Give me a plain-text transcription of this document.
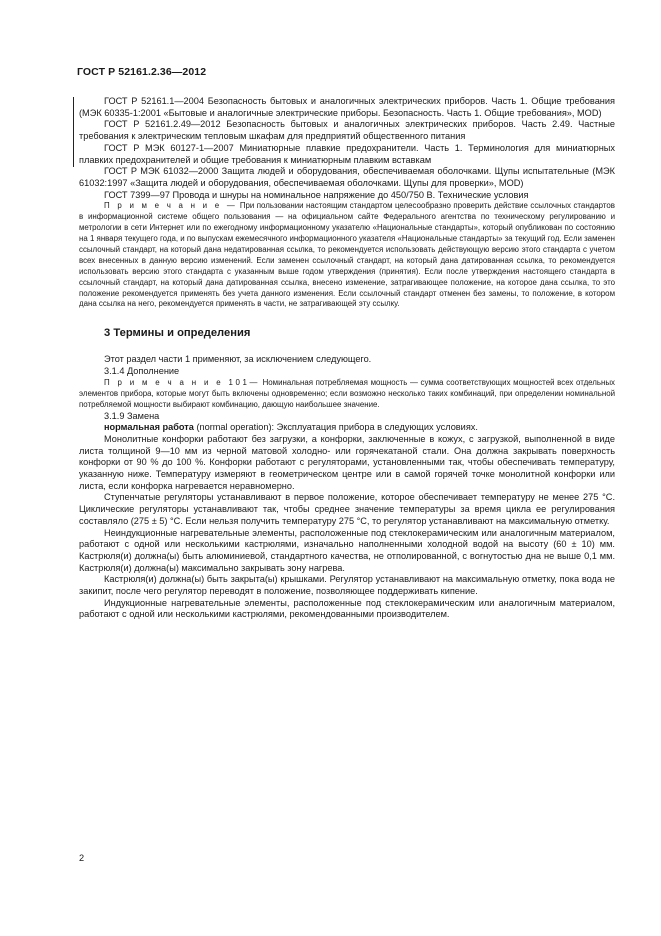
ГОСТ Р 52161.2.36—2012

ГОСТ Р 52161.1—2004 Безопасность бытовых и аналогичных электрических приборов. Часть 1. Общие требования (МЭК 60335-1:2001 «Бытовые и аналогичные электрические приборы. Безопасность. Часть 1. Общие требования», MOD)

ГОСТ Р 52161.2.49—2012 Безопасность бытовых и аналогичных электрических приборов. Часть 2.49. Частные требования к электрическим тепловым шкафам для предприятий общественного питания

ГОСТ Р МЭК 60127-1—2007 Миниатюрные плавкие предохранители. Часть 1. Терминология для миниатюрных плавких предохранителей и общие требования к миниатюрным плавким вставкам

ГОСТ Р МЭК 61032—2000 Защита людей и оборудования, обеспечиваемая оболочками. Щупы испытательные (МЭК 61032:1997 «Защита людей и оборудования, обеспечиваемая оболочками. Щупы для проверки», MOD)

ГОСТ 7399—97 Провода и шнуры на номинальное напряжение до 450/750 В. Технические условия

П р и м е ч а н и е — При пользовании настоящим стандартом целесообразно проверить действие ссылочных стандартов в информационной системе общего пользования — на официальном сайте Федерального агентства по техническому регулированию и метрологии в сети Интернет или по ежегодному информационному указателю «Национальные стандарты», который опубликован по состоянию на 1 января текущего года, и по выпускам ежемесячного информационного указателя «Национальные стандарты» за текущий год. Если заменен ссылочный стандарт, на который дана недатированная ссылка, то рекомендуется использовать действующую версию этого стандарта с учетом всех внесенных в данную версию изменений. Если заменен ссылочный стандарт, на который дана датированная ссылка, то рекомендуется использовать версию этого стандарта с указанным выше годом утверждения (принятия). Если после утверждения настоящего стандарта в ссылочный стандарт, на который дана датированная ссылка, внесено изменение, затрагивающее положение, на которое дана ссылка, то это положение рекомендуется применять без учета данного изменения. Если ссылочный стандарт отменен без замены, то положение, в котором дана ссылка на него, рекомендуется применять в части, не затрагивающей эту ссылку.

3 Термины и определения

Этот раздел части 1 применяют, за исключением следующего.

3.1.4 Дополнение

П р и м е ч а н и е 101— Номинальная потребляемая мощность — сумма соответствующих мощностей всех отдельных элементов прибора, которые могут быть включены одновременно; если возможно несколько таких комбинаций, при определении номинальной потребляемой мощности выбирают комбинацию, дающую наибольшее значение.

3.1.9 Замена

нормальная работа (normal operation): Эксплуатация прибора в следующих условиях.

Монолитные конфорки работают без загрузки, а конфорки, заключенные в кожух, с загрузкой, выполненной в виде листа толщиной 9—10 мм из черной матовой холодно- или горячекатаной стали. Она должна закрывать поверхность конфорки от 90 % до 100 %. Конфорки работают с регуляторами, установленными так, чтобы обеспечивать температуру, указанную ниже. Температуру измеряют в геометрическом центре или в самой горячей точке монолитной конфорки или листа, если конфорка нагревается неравномерно.

Ступенчатые регуляторы устанавливают в первое положение, которое обеспечивает температуру не менее 275 °С. Циклические регуляторы устанавливают так, чтобы среднее значение температуры за время цикла ее регулирования составляло (275 ± 5) °С. Если нельзя получить температуру 275 °С, то регулятор устанавливают на максимальную отметку.

Неиндукционные нагревательные элементы, расположенные под стеклокерамическим или аналогичным материалом, работают с одной или несколькими кастрюлями, изначально наполненными холодной водой на высоту (60 ± 10) мм. Кастрюля(и) должна(ы) быть алюминиевой, стандартного качества, не отполированной, с вогнутостью дна не выше 0,1 мм. Кастрюля(и) должна(ы) максимально закрывать зону нагрева.

Кастрюля(и) должна(ы) быть закрыта(ы) крышками. Регулятор устанавливают на максимальную отметку, пока вода не закипит, после чего регулятор переводят в положение, позволяющее поддерживать кипение.

Индукционные нагревательные элементы, расположенные под стеклокерамическим или аналогичным материалом, работают с одной или несколькими кастрюлями, рекомендованными производителем.

2
